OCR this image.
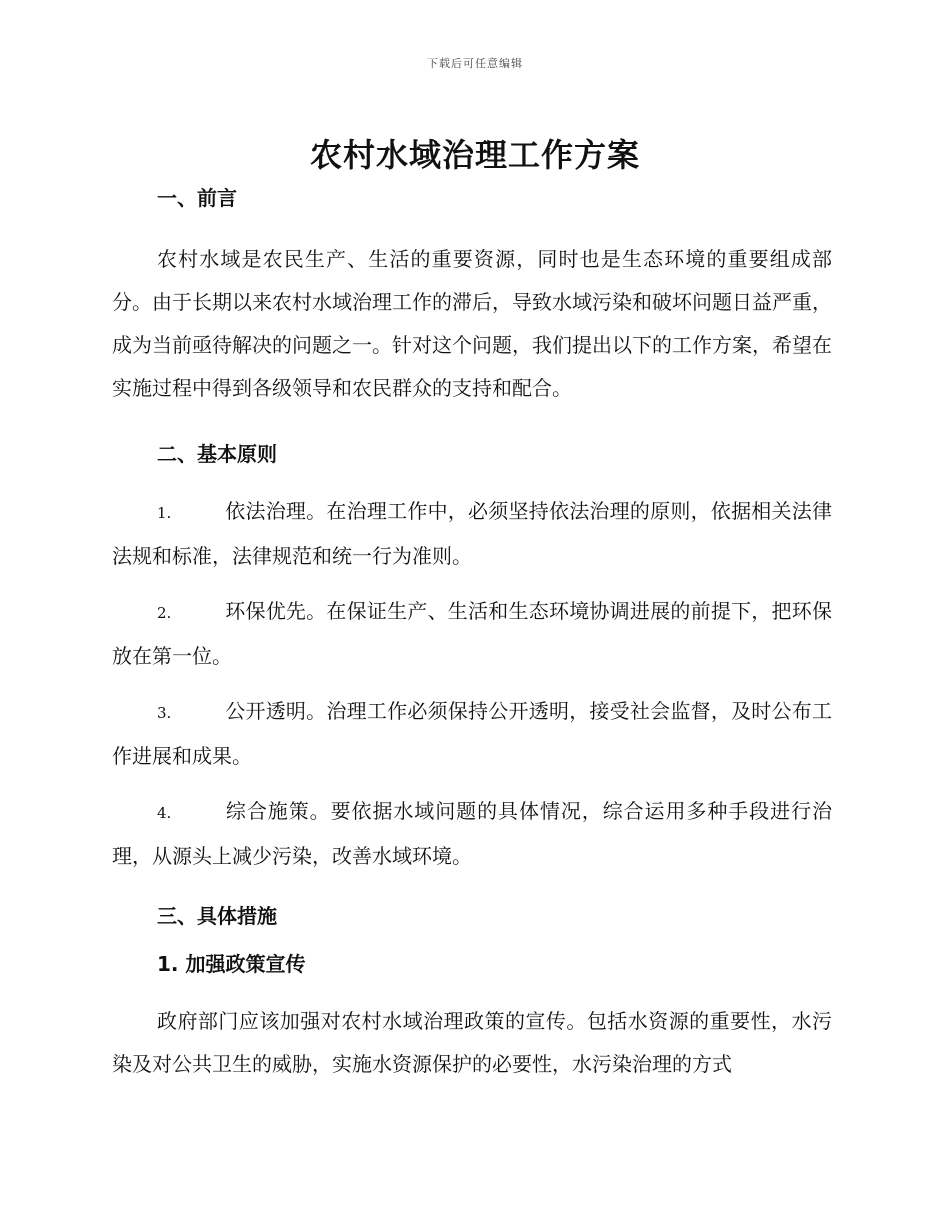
下载后可任意编辑
农村水域治理工作方案
一、前言

农村水域是农民生产、生活的重要资源，同时也是生态环境的重要组成部分。由于长期以来农村水域治理工作的滞后，导致水域污染和破坏问题日益严重，成为当前亟待解决的问题之一。针对这个问题，我们提出以下的工作方案，希望在实施过程中得到各级领导和农民群众的支持和配合。

二、基本原则

1.	依法治理。在治理工作中，必须坚持依法治理的原则，依据相关法律法规和标准，法律规范和统一行为准则。

2.	环保优先。在保证生产、生活和生态环境协调进展的前提下，把环保放在第一位。

3.	公开透明。治理工作必须保持公开透明，接受社会监督，及时公布工作进展和成果。

4.	综合施策。要依据水域问题的具体情况，综合运用多种手段进行治理，从源头上减少污染，改善水域环境。

三、具体措施
1. 加强政策宣传

政府部门应该加强对农村水域治理政策的宣传。包括水资源的重要性，水污染及对公共卫生的威胁，实施水资源保护的必要性，水污染治理的方式
